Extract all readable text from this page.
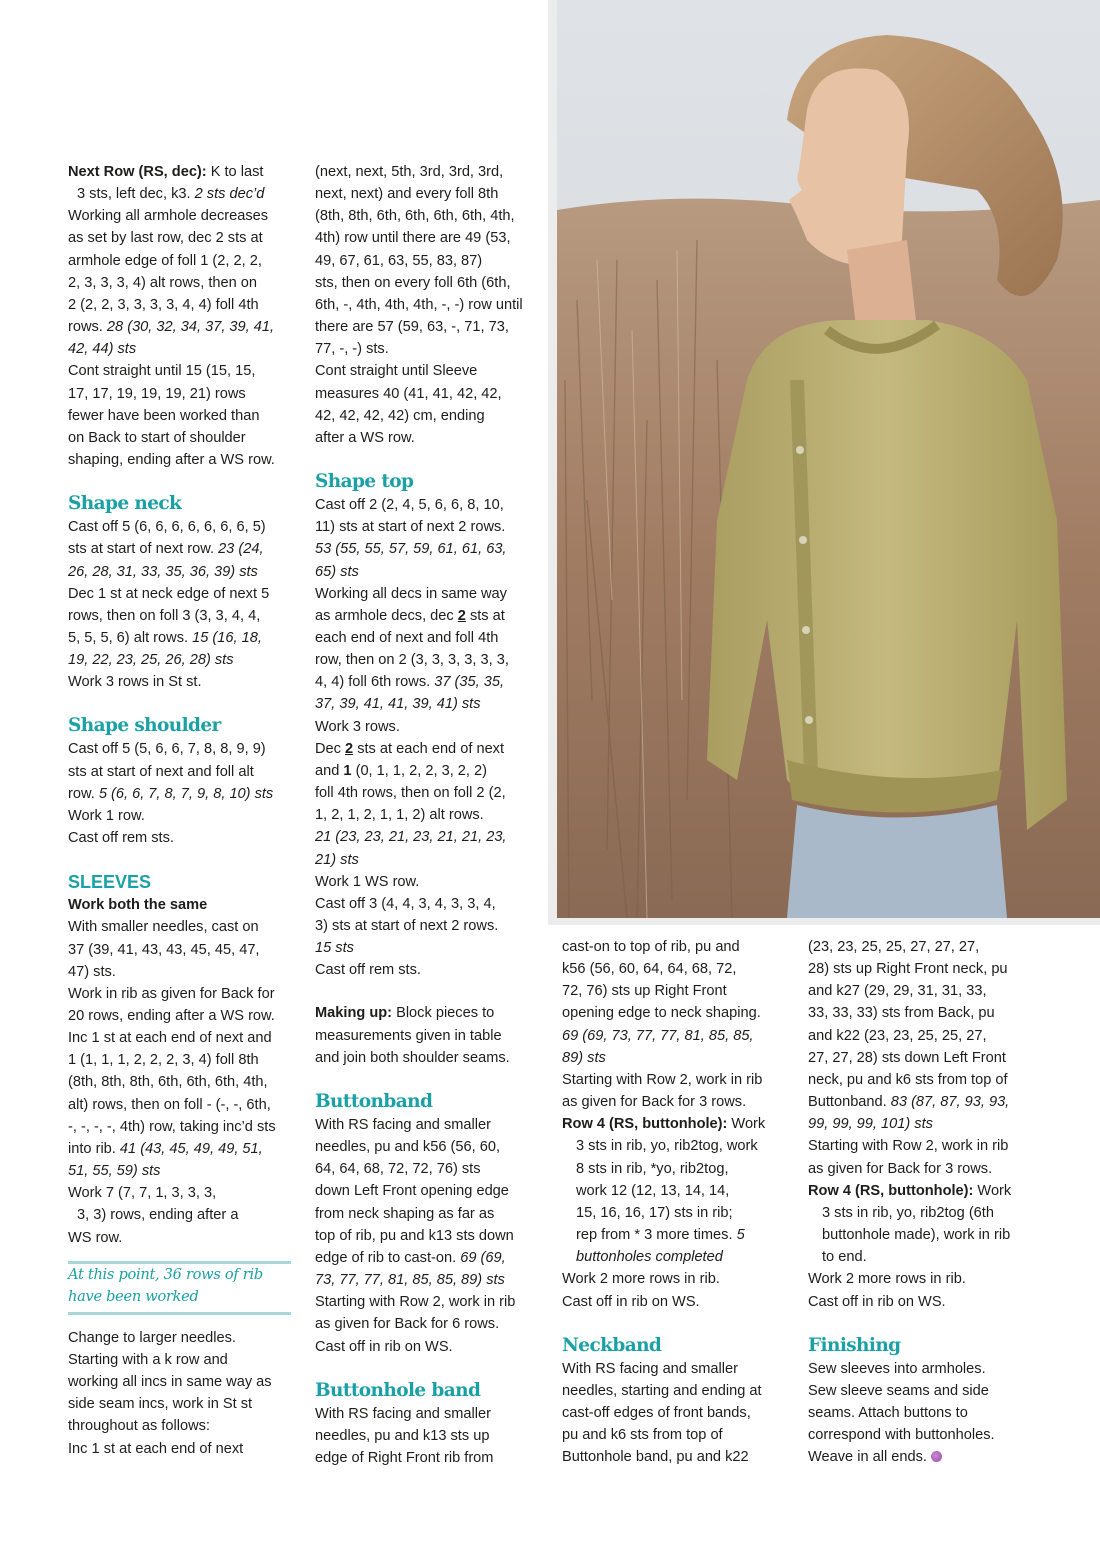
Next Row (RS, dec): K to last

3 sts, left dec, k3. 2 sts dec’d

Working all armhole decreases

as set by last row, dec 2 sts at

armhole edge of foll 1 (2, 2, 2,

2, 3, 3, 3, 4) alt rows, then on

2 (2, 2, 3, 3, 3, 3, 4, 4) foll 4th

rows. 28 (30, 32, 34, 37, 39, 41,

42, 44) sts

Cont straight until 15 (15, 15,

17, 17, 19, 19, 19, 21) rows

fewer have been worked than

on Back to start of shoulder

shaping, ending after a WS row.

Shape neck

Cast off 5 (6, 6, 6, 6, 6, 6, 6, 5)

sts at start of next row. 23 (24,

26, 28, 31, 33, 35, 36, 39) sts

Dec 1 st at neck edge of next 5

rows, then on foll 3 (3, 3, 4, 4,

5, 5, 5, 6) alt rows. 15 (16, 18,

19, 22, 23, 25, 26, 28) sts

Work 3 rows in St st.

Shape shoulder

Cast off 5 (5, 6, 6, 7, 8, 8, 9, 9)

sts at start of next and foll alt

row. 5 (6, 6, 7, 8, 7, 9, 8, 10) sts

Work 1 row.

Cast off rem sts.

SLEEVES

Work both the same

With smaller needles, cast on

37 (39, 41, 43, 43, 45, 45, 47,

47) sts.

Work in rib as given for Back for

20 rows, ending after a WS row.

Inc 1 st at each end of next and

1 (1, 1, 1, 2, 2, 2, 3, 4) foll 8th

(8th, 8th, 8th, 6th, 6th, 6th, 4th,

alt) rows, then on foll - (-, -, 6th,

-, -, -, -, 4th) row, taking inc’d sts

into rib. 41 (43, 45, 49, 49, 51,

51, 55, 59) sts

Work 7 (7, 7, 1, 3, 3, 3,

3, 3) rows, ending after a

WS row.

At this point, 36 rows of rib

have been worked

Change to larger needles.

Starting with a k row and

working all incs in same way as

side seam incs, work in St st

throughout as follows:

Inc 1 st at each end of next

(next, next, 5th, 3rd, 3rd, 3rd,

next, next) and every foll 8th

(8th, 8th, 6th, 6th, 6th, 6th, 4th,

4th) row until there are 49 (53,

49, 67, 61, 63, 55, 83, 87)

sts, then on every foll 6th (6th,

6th, -, 4th, 4th, 4th, -, -) row until

there are 57 (59, 63, -, 71, 73,

77, -, -) sts.

Cont straight until Sleeve

measures 40 (41, 41, 42, 42,

42, 42, 42, 42) cm, ending

after a WS row.

Shape top

Cast off 2 (2, 4, 5, 6, 6, 8, 10,

11) sts at start of next 2 rows.

53 (55, 55, 57, 59, 61, 61, 63,

65) sts

Working all decs in same way

as armhole decs, dec 2 sts at

each end of next and foll 4th

row, then on 2 (3, 3, 3, 3, 3, 3,

4, 4) foll 6th rows. 37 (35, 35,

37, 39, 41, 41, 39, 41) sts

Work 3 rows.

Dec 2 sts at each end of next

and 1 (0, 1, 1, 2, 2, 3, 2, 2)

foll 4th rows, then on foll 2 (2,

1, 2, 1, 2, 1, 1, 2) alt rows.

21 (23, 23, 21, 23, 21, 21, 23,

21) sts

Work 1 WS row.

Cast off 3 (4, 4, 3, 4, 3, 3, 4,

3) sts at start of next 2 rows.

15 sts

Cast off rem sts.

Making up: Block pieces to

measurements given in table

and join both shoulder seams.

Buttonband

With RS facing and smaller

needles, pu and k56 (56, 60,

64, 64, 68, 72, 72, 76) sts

down Left Front opening edge

from neck shaping as far as

top of rib, pu and k13 sts down

edge of rib to cast-on. 69 (69,

73, 77, 77, 81, 85, 85, 89) sts

Starting with Row 2, work in rib

as given for Back for 6 rows.

Cast off in rib on WS.

Buttonhole band

With RS facing and smaller

needles, pu and k13 sts up

edge of Right Front rib from

cast-on to top of rib, pu and

k56 (56, 60, 64, 64, 68, 72,

72, 76) sts up Right Front

opening edge to neck shaping.

69 (69, 73, 77, 77, 81, 85, 85,

89) sts

Starting with Row 2, work in rib

as given for Back for 3 rows.

Row 4 (RS, buttonhole): Work

3 sts in rib, yo, rib2tog, work

8 sts in rib, *yo, rib2tog,

work 12 (12, 13, 14, 14,

15, 16, 16, 17) sts in rib;

rep from * 3 more times. 5

buttonholes completed

Work 2 more rows in rib.

Cast off in rib on WS.

Neckband

With RS facing and smaller

needles, starting and ending at

cast-off edges of front bands,

pu and k6 sts from top of

Buttonhole band, pu and k22

(23, 23, 25, 25, 27, 27, 27,

28) sts up Right Front neck, pu

and k27 (29, 29, 31, 31, 33,

33, 33, 33) sts from Back, pu

and k22 (23, 23, 25, 25, 27,

27, 27, 28) sts down Left Front

neck, pu and k6 sts from top of

Buttonband. 83 (87, 87, 93, 93,

99, 99, 99, 101) sts

Starting with Row 2, work in rib

as given for Back for 3 rows.

Row 4 (RS, buttonhole): Work

3 sts in rib, yo, rib2tog (6th

buttonhole made), work in rib

to end.

Work 2 more rows in rib.

Cast off in rib on WS.

Finishing

Sew sleeves into armholes.

Sew sleeve seams and side

seams. Attach buttons to

correspond with buttonholes.

Weave in all ends.
